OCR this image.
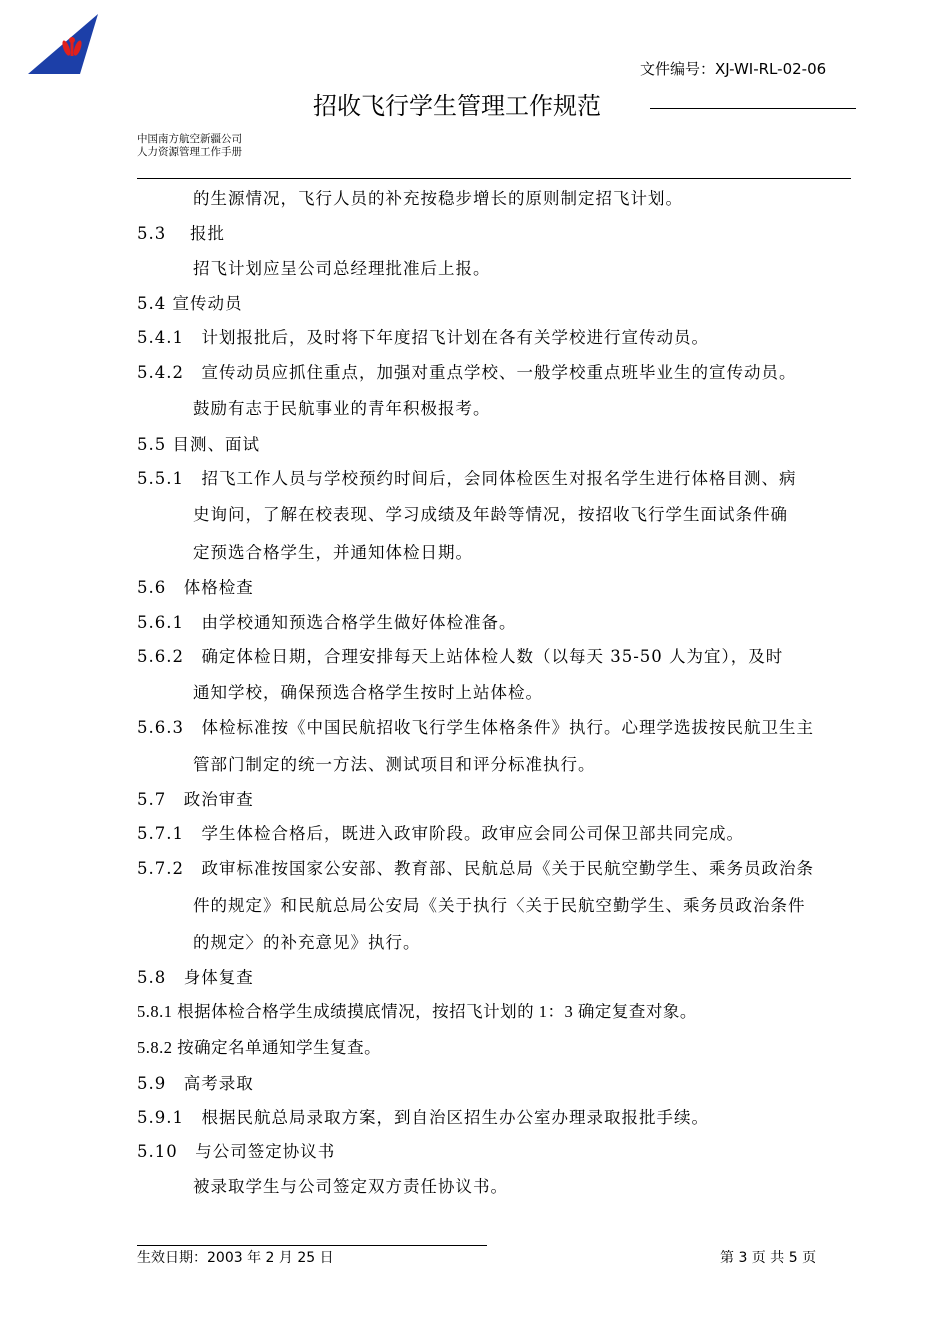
文件编号：XJ-WI-RL-02-06
招收飞行学生管理工作规范
中国南方航空新疆公司
人力资源管理工作手册
的生源情况，飞行人员的补充按稳步增长的原则制定招飞计划。
5.3　 报批
招飞计划应呈公司总经理批准后上报。
5.4 宣传动员
5.4.1　计划报批后，及时将下年度招飞计划在各有关学校进行宣传动员。
5.4.2　宣传动员应抓住重点，加强对重点学校、一般学校重点班毕业生的宣传动员。
鼓励有志于民航事业的青年积极报考。
5.5 目测、面试
5.5.1　招飞工作人员与学校预约时间后，会同体检医生对报名学生进行体格目测、病
史询问，了解在校表现、学习成绩及年龄等情况，按招收飞行学生面试条件确
定预选合格学生，并通知体检日期。
5.6　体格检查
5.6.1　由学校通知预选合格学生做好体检准备。
5.6.2　确定体检日期，合理安排每天上站体检人数（以每天 35-50 人为宜），及时
通知学校，确保预选合格学生按时上站体检。
5.6.3　体检标准按《中国民航招收飞行学生体格条件》执行。心理学选拔按民航卫生主
管部门制定的统一方法、测试项目和评分标准执行。
5.7　政治审查
5.7.1　学生体检合格后，既进入政审阶段。政审应会同公司保卫部共同完成。
5.7.2　政审标准按国家公安部、教育部、民航总局《关于民航空勤学生、乘务员政治条
件的规定》和民航总局公安局《关于执行〈关于民航空勤学生、乘务员政治条件
的规定〉的补充意见》执行。
5.8　身体复查
5.8.1 根据体检合格学生成绩摸底情况，按招飞计划的 1：3 确定复查对象。
5.8.2 按确定名单通知学生复查。
5.9　高考录取
5.9.1　根据民航总局录取方案，到自治区招生办公室办理录取报批手续。
5.10　与公司签定协议书
被录取学生与公司签定双方责任协议书。
生效日期：2003 年 2 月 25 日	第 3 页 共 5 页
